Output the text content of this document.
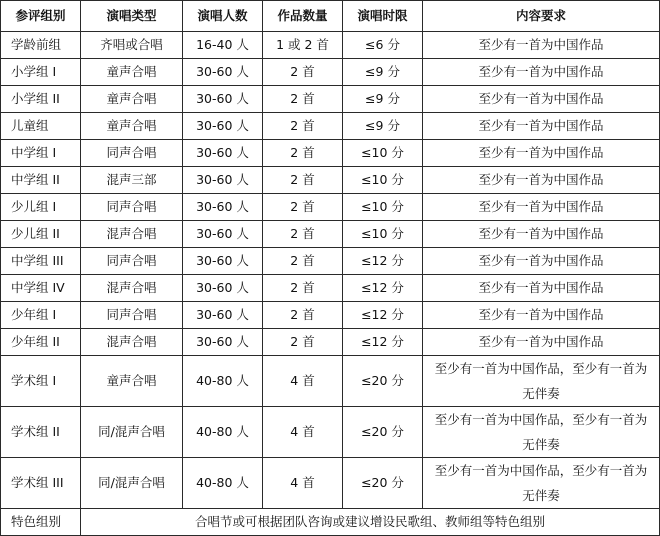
参评组别	演唱类型	演唱人数	作品数量	演唱时限	内容要求
学龄前组	齐唱或合唱	16-40 人	1 或 2 首	≤6 分	至少有一首为中国作品
小学组 I	童声合唱	30-60 人	2 首	≤9 分	至少有一首为中国作品
小学组 II	童声合唱	30-60 人	2 首	≤9 分	至少有一首为中国作品
儿童组	童声合唱	30-60 人	2 首	≤9 分	至少有一首为中国作品
中学组 I	同声合唱	30-60 人	2 首	≤10 分	至少有一首为中国作品
中学组 II	混声三部	30-60 人	2 首	≤10 分	至少有一首为中国作品
少儿组 I	同声合唱	30-60 人	2 首	≤10 分	至少有一首为中国作品
少儿组 II	混声合唱	30-60 人	2 首	≤10 分	至少有一首为中国作品
中学组 III	同声合唱	30-60 人	2 首	≤12 分	至少有一首为中国作品
中学组 IV	混声合唱	30-60 人	2 首	≤12 分	至少有一首为中国作品
少年组 I	同声合唱	30-60 人	2 首	≤12 分	至少有一首为中国作品
少年组 II	混声合唱	30-60 人	2 首	≤12 分	至少有一首为中国作品
学术组 I	童声合唱	40-80 人	4 首	≤20 分	至少有一首为中国作品，至少有一首为无伴奏
学术组 II	同/混声合唱	40-80 人	4 首	≤20 分	至少有一首为中国作品，至少有一首为无伴奏
学术组 III	同/混声合唱	40-80 人	4 首	≤20 分	至少有一首为中国作品，至少有一首为无伴奏
特色组别	合唱节或可根据团队咨询或建议增设民歌组、教师组等特色组别				
